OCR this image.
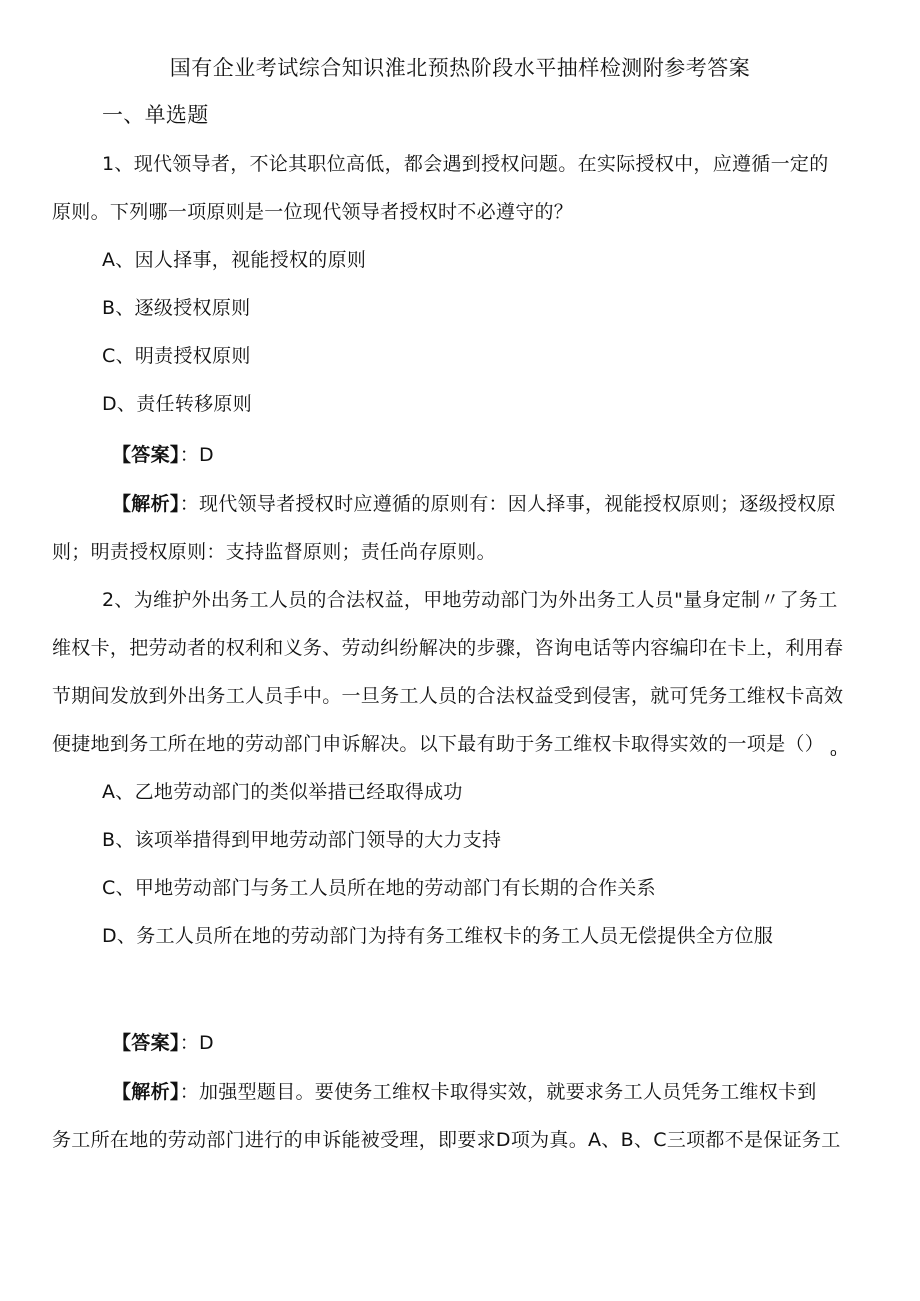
国有企业考试综合知识淮北预热阶段水平抽样检测附参考答案
一、单选题
1、现代领导者，不论其职位高低，都会遇到授权问题。在实际授权中，应遵循一定的
原则。下列哪一项原则是一位现代领导者授权时不必遵守的？
A、因人择事，视能授权的原则
B、逐级授权原则
C、明责授权原则
D、责任转移原则
【答案】：D
【解析】：现代领导者授权时应遵循的原则有：因人择事，视能授权原则；逐级授权原
则；明责授权原则：支持监督原则；责任尚存原则。
2、为维护外出务工人员的合法权益，甲地劳动部门为外出务工人员"量身定制〃了务工
维权卡，把劳动者的权利和义务、劳动纠纷解决的步骤，咨询电话等内容编印在卡上，利用春
节期间发放到外出务工人员手中。一旦务工人员的合法权益受到侵害，就可凭务工维权卡高效
便捷地到务工所在地的劳动部门申诉解决。以下最有助于务工维权卡取得实效的一项是（） $_o$
A、乙地劳动部门的类似举措已经取得成功
B、该项举措得到甲地劳动部门领导的大力支持
C、甲地劳动部门与务工人员所在地的劳动部门有长期的合作关系
D、务工人员所在地的劳动部门为持有务工维权卡的务工人员无偿提供全方位服
【答案】：D
【解析】：加强型题目。要使务工维权卡取得实效，就要求务工人员凭务工维权卡到
务工所在地的劳动部门进行的申诉能被受理，即要求D项为真。A、B、C三项都不是保证务工
